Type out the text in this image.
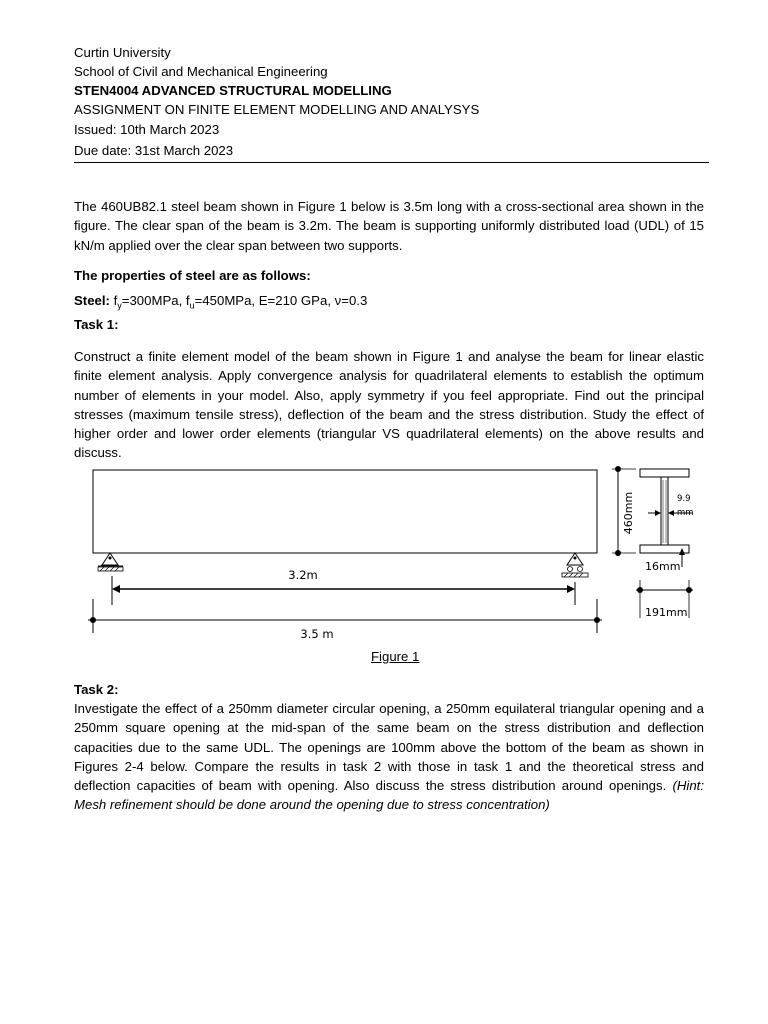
Curtin University
School of Civil and Mechanical Engineering
STEN4004 ADVANCED STRUCTURAL MODELLING
ASSIGNMENT ON FINITE ELEMENT MODELLING AND ANALYSYS
Issued: 10th March 2023
Due date: 31st March 2023
The 460UB82.1 steel beam shown in Figure 1 below is 3.5m long with a cross-sectional area shown in the figure. The clear span of the beam is 3.2m. The beam is supporting uniformly distributed load (UDL) of 15 kN/m applied over the clear span between two supports.
The properties of steel are as follows:
Steel: $f_y=300MPa$, $f_u=450MPa$, E=210 GPa, ν=0.3
Task 1:
Construct a finite element model of the beam shown in Figure 1 and analyse the beam for linear elastic finite element analysis. Apply convergence analysis for quadrilateral elements to establish the optimum number of elements in your model. Also, apply symmetry if you feel appropriate. Find out the principal stresses (maximum tensile stress), deflection of the beam and the stress distribution. Study the effect of higher order and lower order elements (triangular VS quadrilateral elements) on the above results and discuss.
3.2m
3.5 m
460mm	9.9
mm
16mm
191mm
Figure 1
Task 2:
Investigate the effect of a 250mm diameter circular opening, a 250mm equilateral triangular opening and a 250mm square opening at the mid-span of the same beam on the stress distribution and deflection capacities due to the same UDL. The openings are 100mm above the bottom of the beam as shown in Figures 2-4 below. Compare the results in task 2 with those in task 1 and the theoretical stress and deflection capacities of beam with opening. Also discuss the stress distribution around openings. (Hint: Mesh refinement should be done around the opening due to stress concentration)
